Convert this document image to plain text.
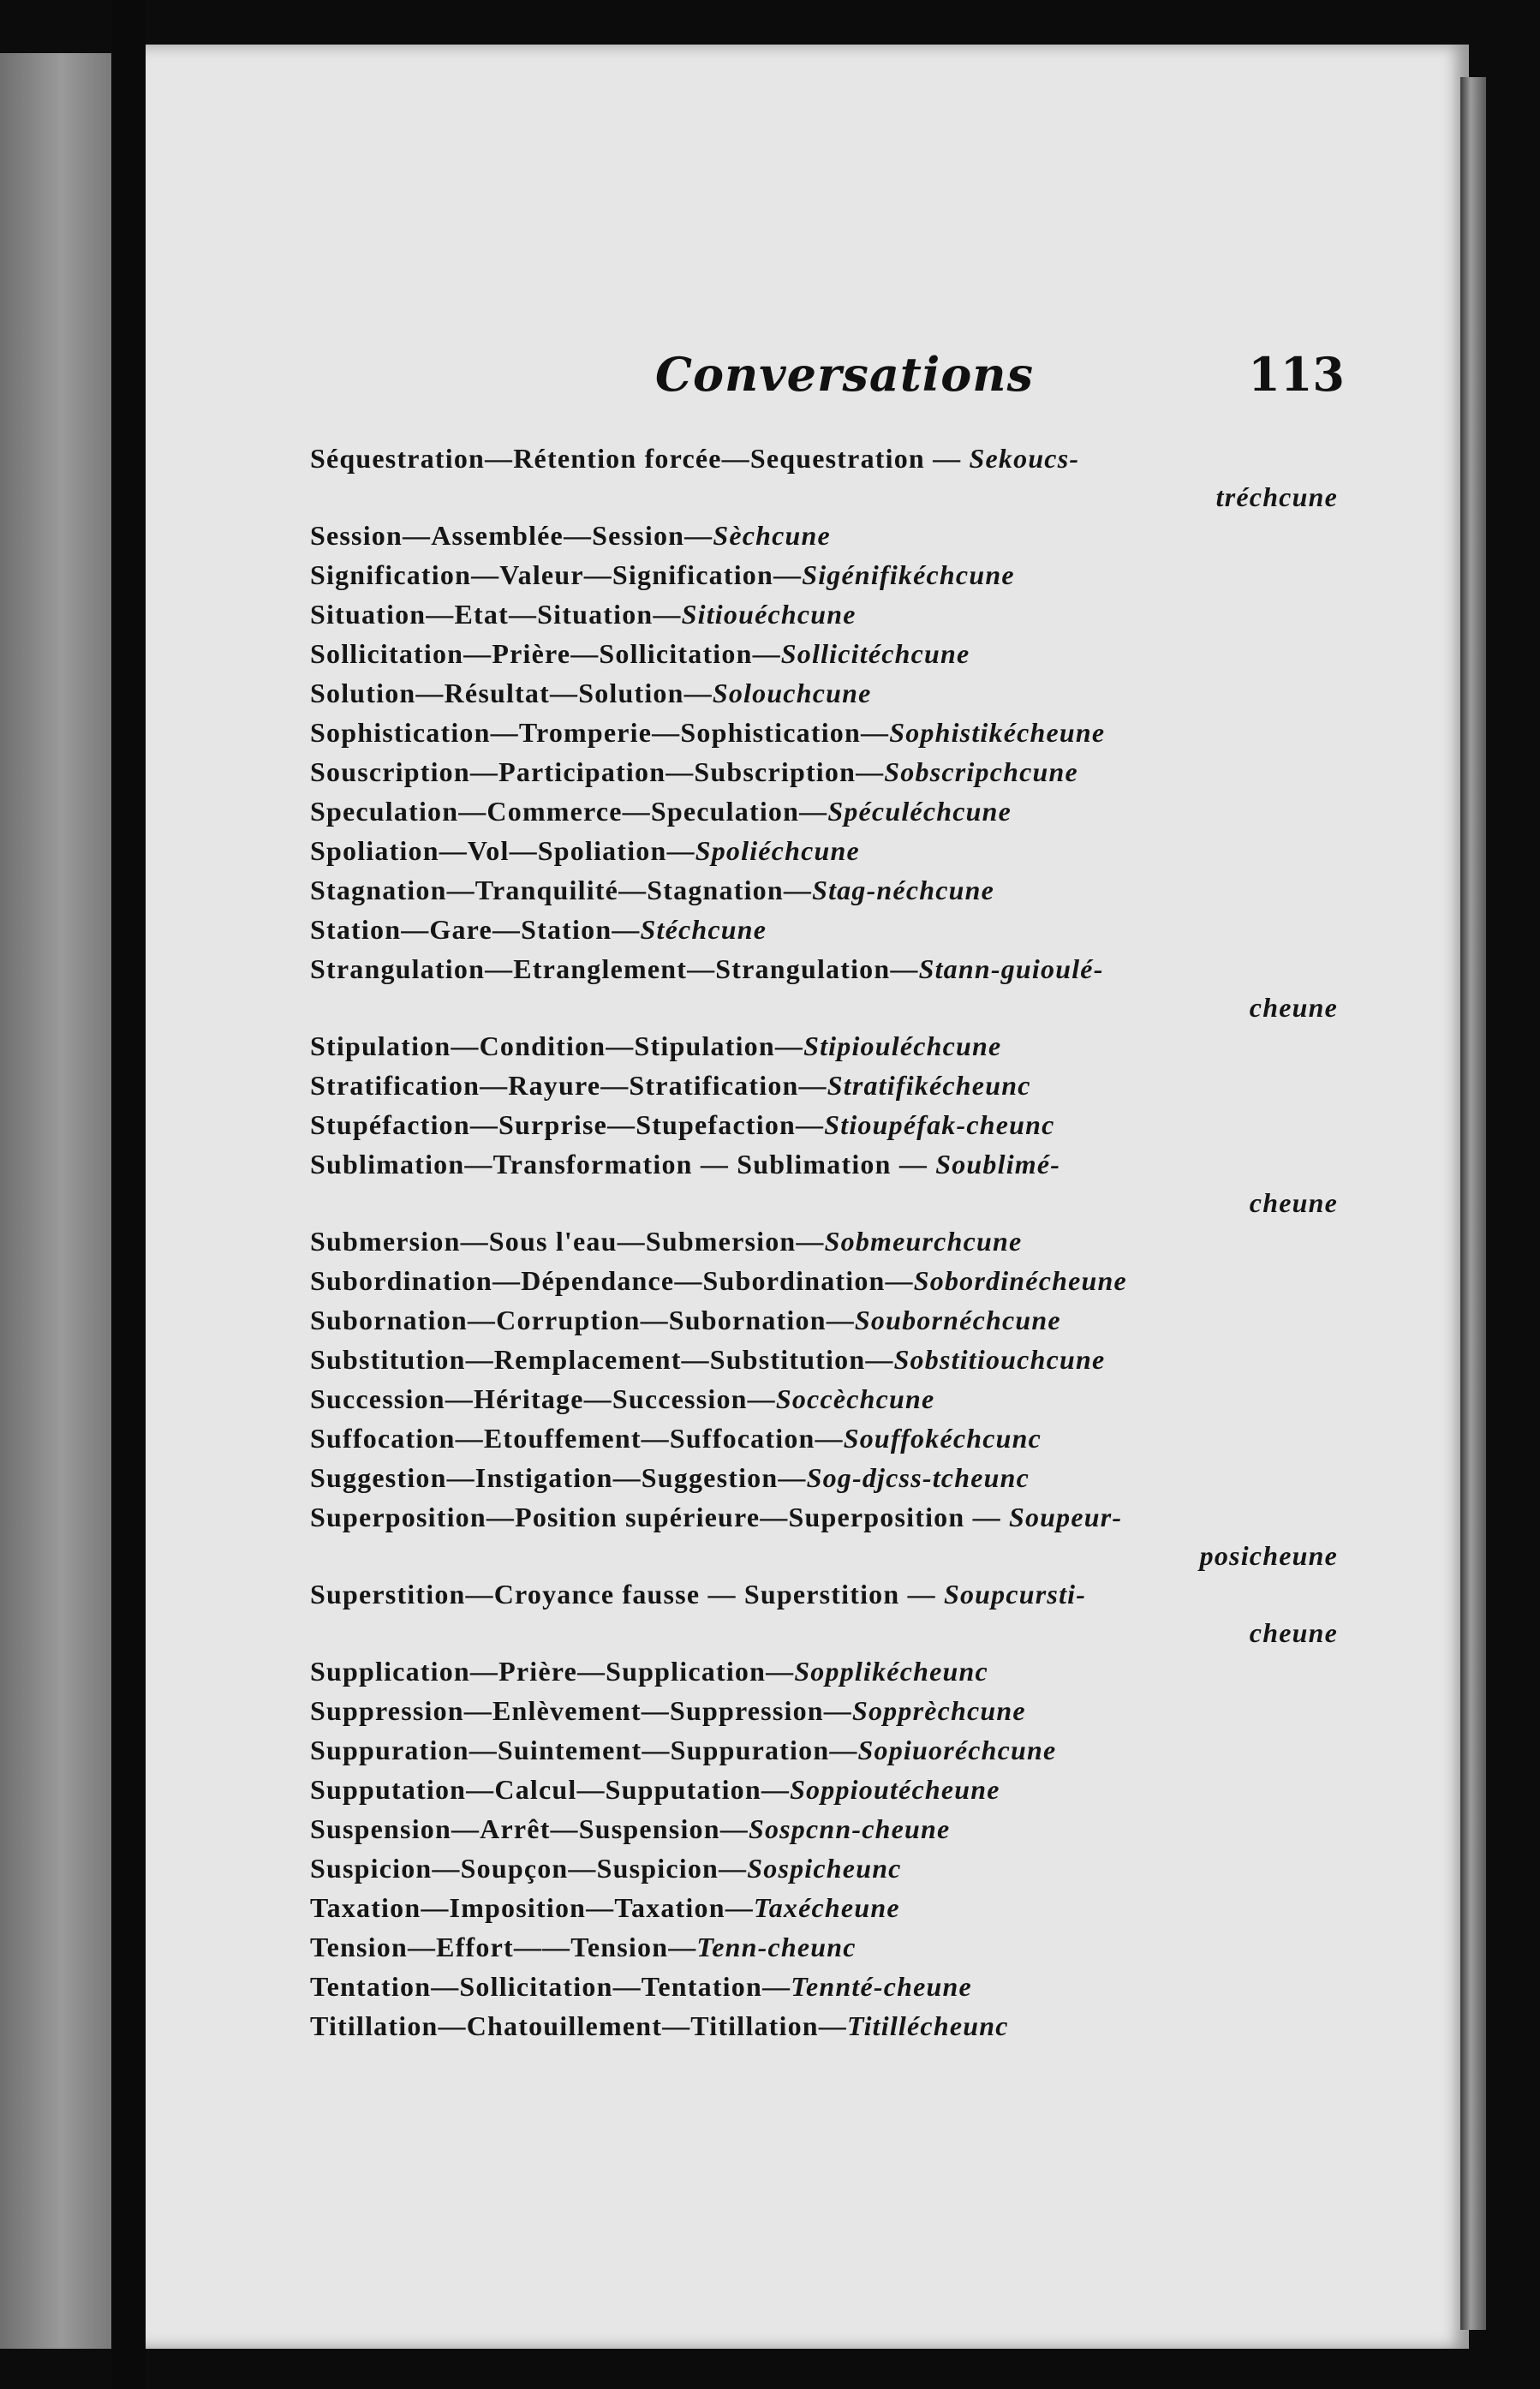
Conversations	113
Séquestration—Rétention forcée—Sequestration — Sekoucs-
tréchcune
Session—Assemblée—Session—Sèchcune
Signification—Valeur—Signification—Sigénifikéchcune
Situation—Etat—Situation—Sitiouéchcune
Sollicitation—Prière—Sollicitation—Sollicitéchcune
Solution—Résultat—Solution—Solouchcune
Sophistication—Tromperie—Sophistication—Sophistikécheune
Souscription—Participation—Subscription—Sobscripchcune
Speculation—Commerce—Speculation—Spéculéchcune
Spoliation—Vol—Spoliation—Spoliéchcune
Stagnation—Tranquilité—Stagnation—Stag-néchcune
Station—Gare—Station—Stéchcune
Strangulation—Etranglement—Strangulation—Stann-guioulé-
cheune
Stipulation—Condition—Stipulation—Stipiouléchcune
Stratification—Rayure—Stratification—Stratifikécheunc
Stupéfaction—Surprise—Stupefaction—Stioupéfak-cheunc
Sublimation—Transformation — Sublimation — Soublimé-
cheune
Submersion—Sous l'eau—Submersion—Sobmeurchcune
Subordination—Dépendance—Subordination—Sobordinécheune
Subornation—Corruption—Subornation—Soubornéchcune
Substitution—Remplacement—Substitution—Sobstitiouchcune
Succession—Héritage—Succession—Soccèchcune
Suffocation—Etouffement—Suffocation—Souffokéchcunc
Suggestion—Instigation—Suggestion—Sog-djcss-tcheunc
Superposition—Position supérieure—Superposition — Soupeur-
posicheune
Superstition—Croyance fausse — Superstition — Soupcursti-
cheune
Supplication—Prière—Supplication—Sopplikécheunc
Suppression—Enlèvement—Suppression—Sopprèchcune
Suppuration—Suintement—Suppuration—Sopiuoréchcune
Supputation—Calcul—Supputation—Soppioutécheune
Suspension—Arrêt—Suspension—Sospcnn-cheune
Suspicion—Soupçon—Suspicion—Sospicheunc
Taxation—Imposition—Taxation—Taxécheune
Tension—Effort——Tension—Tenn-cheunc
Tentation—Sollicitation—Tentation—Tennté-cheune
Titillation—Chatouillement—Titillation—Titillécheunc
